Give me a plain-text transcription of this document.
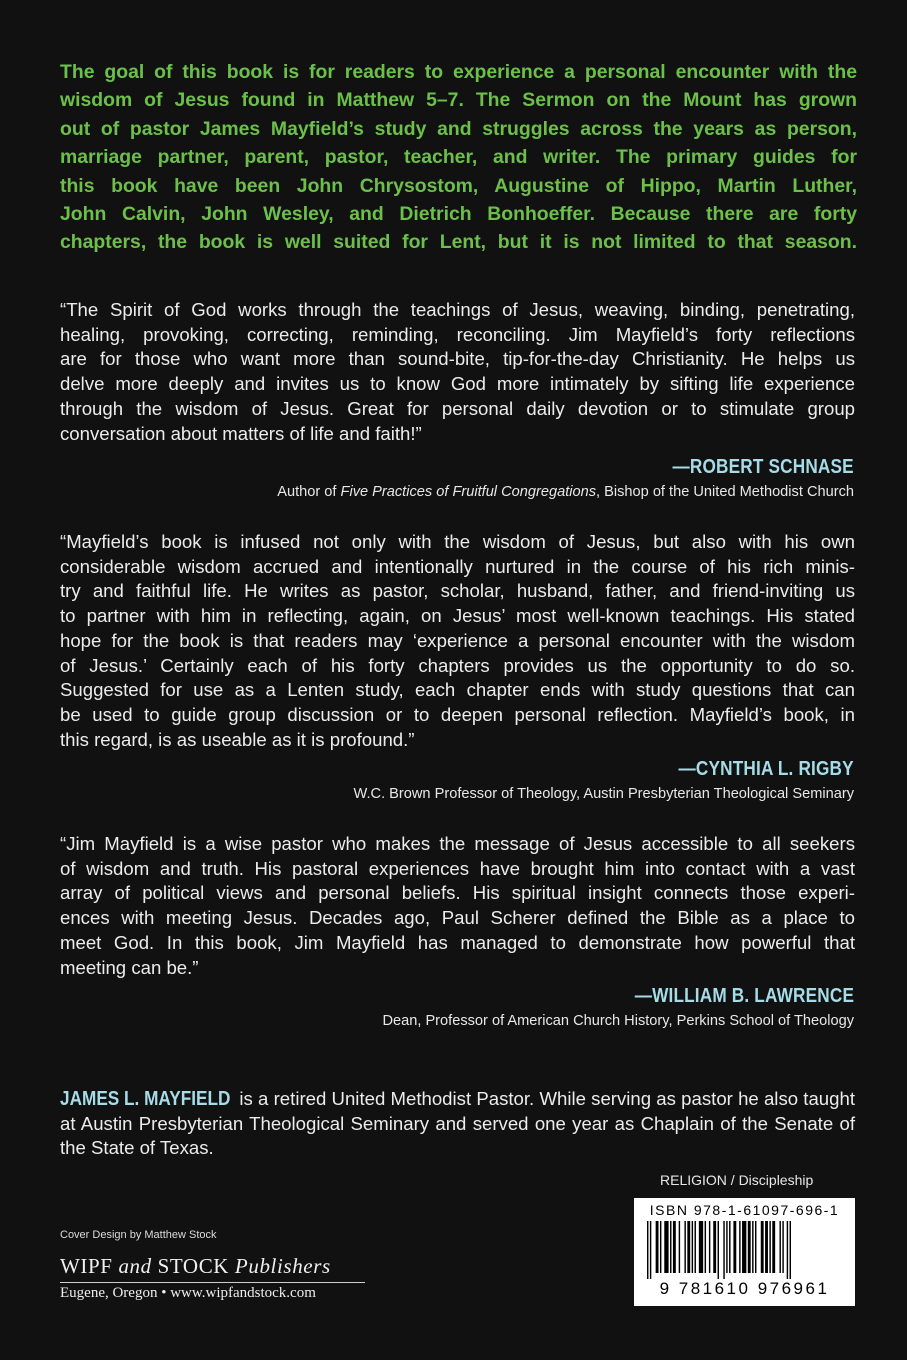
The goal of this book is for readers to experience a personal encounter with the
wisdom of Jesus found in Matthew 5–7. The Sermon on the Mount has grown
out of pastor James Mayfield’s study and struggles across the years as person,
marriage partner, parent, pastor, teacher, and writer. The primary guides for
this book have been John Chrysostom, Augustine of Hippo, Martin Luther,
John Calvin, John Wesley, and Dietrich Bonhoeffer. Because there are forty
chapters, the book is well suited for Lent, but it is not limited to that season.
“The Spirit of God works through the teachings of Jesus, weaving, binding, penetrating,
healing, provoking, correcting, reminding, reconciling. Jim Mayfield’s forty reflections
are for those who want more than sound-bite, tip-for-the-day Christianity. He helps us
delve more deeply and invites us to know God more intimately by sifting life experience
through the wisdom of Jesus. Great for personal daily devotion or to stimulate group
conversation about matters of life and faith!”
—ROBERT SCHNASE
Author of Five Practices of Fruitful Congregations, Bishop of the United Methodist Church
“Mayfield’s book is infused not only with the wisdom of Jesus, but also with his own
considerable wisdom accrued and intentionally nurtured in the course of his rich minis-
try and faithful life. He writes as pastor, scholar, husband, father, and friend-inviting us
to partner with him in reflecting, again, on Jesus’ most well-known teachings. His stated
hope for the book is that readers may ‘experience a personal encounter with the wisdom
of Jesus.’ Certainly each of his forty chapters provides us the opportunity to do so.
Suggested for use as a Lenten study, each chapter ends with study questions that can
be used to guide group discussion or to deepen personal reflection. Mayfield’s book, in
this regard, is as useable as it is profound.”
—CYNTHIA L. RIGBY
W.C. Brown Professor of Theology, Austin Presbyterian Theological Seminary
“Jim Mayfield is a wise pastor who makes the message of Jesus accessible to all seekers
of wisdom and truth. His pastoral experiences have brought him into contact with a vast
array of political views and personal beliefs. His spiritual insight connects those experi-
ences with meeting Jesus. Decades ago, Paul Scherer defined the Bible as a place to
meet God. In this book, Jim Mayfield has managed to demonstrate how powerful that
meeting can be.”
—WILLIAM B. LAWRENCE
Dean, Professor of American Church History, Perkins School of Theology
JAMES L. MAYFIELD is a retired United Methodist Pastor. While serving as pastor he also taught at Austin Presbyterian Theological Seminary and served one year as Chaplain of the Senate of the State of Texas.
RELIGION / Discipleship
ISBN 978-1-61097-696-1
9 781610 976961
Cover Design by Matthew Stock
WIPF and STOCK Publishers
Eugene, Oregon • www.wipfandstock.com
